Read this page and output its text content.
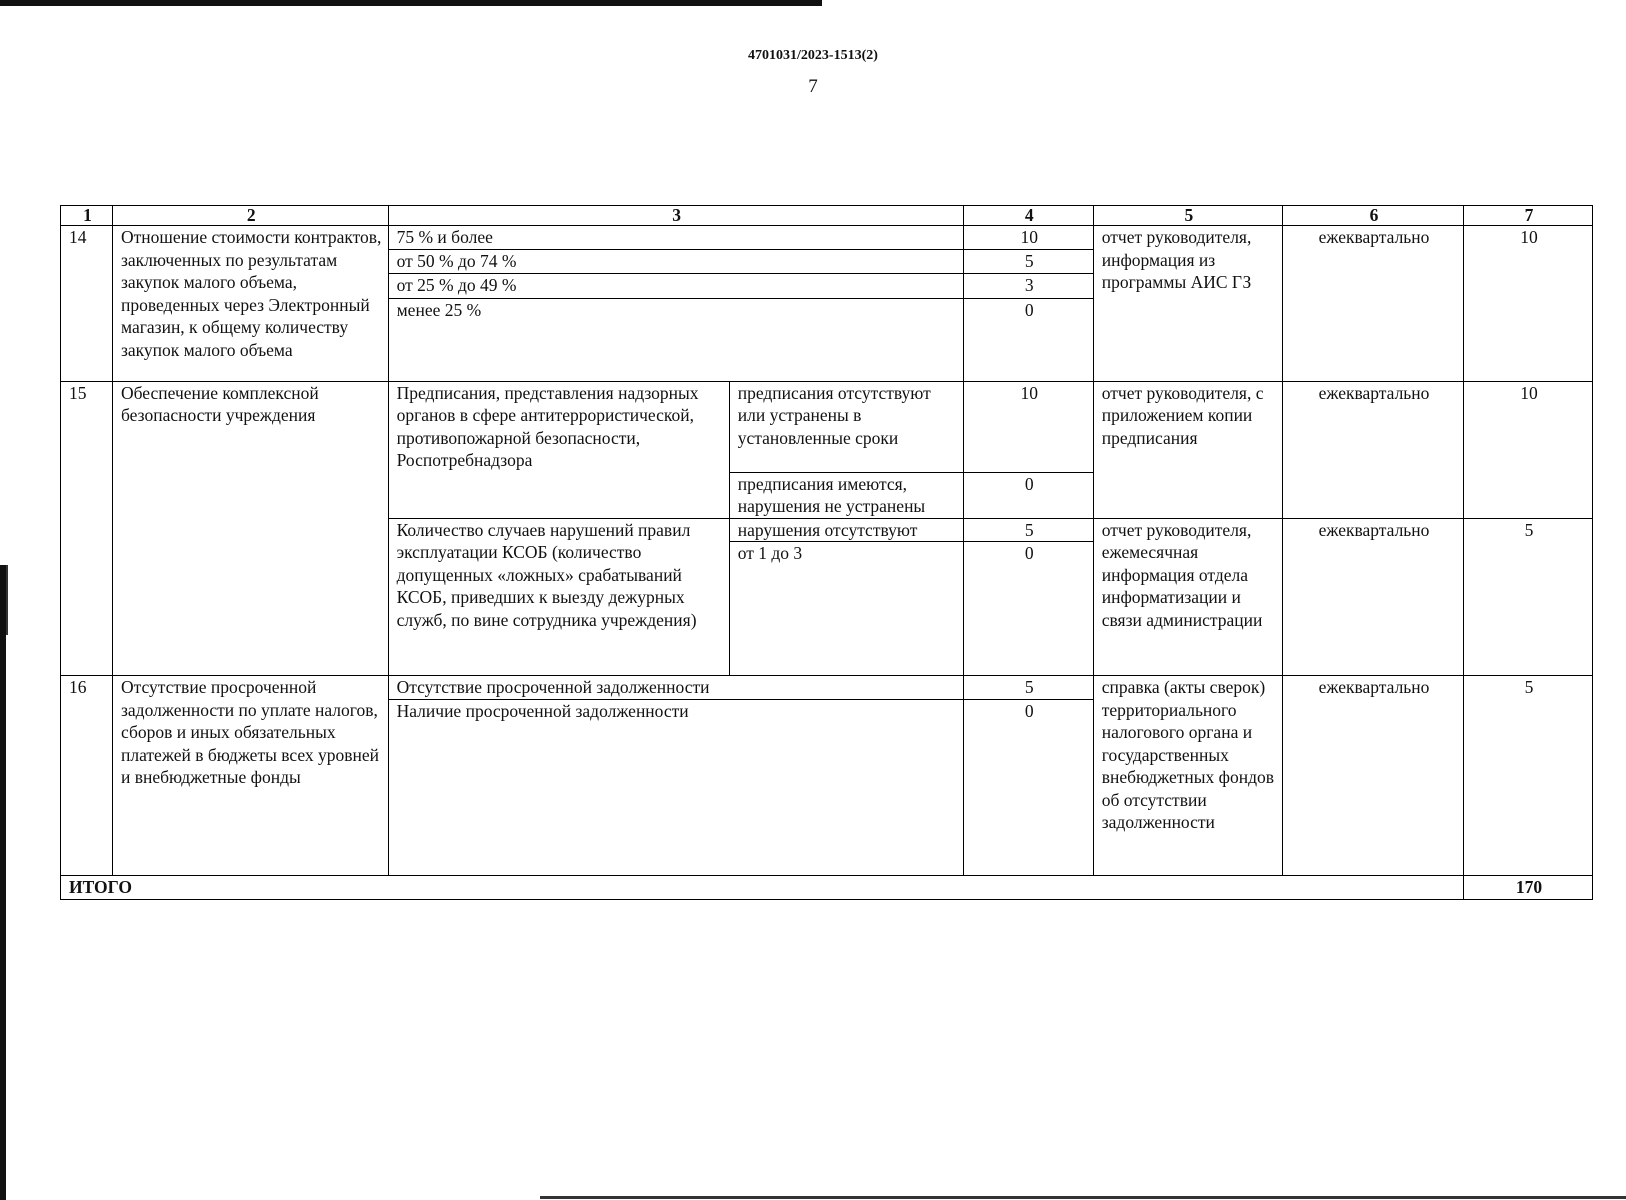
4701031/2023-1513(2)
7
1	2	3		4	5	6	7
14	Отношение стоимости контрактов, заключенных по результатам закупок малого объема, проведенных через Электронный магазин, к общему количеству закупок малого объема	75 % и более		10	отчет руководителя, информация из программы АИС ГЗ	ежеквартально	10
		от 50 % до 74 %		5			
		от 25 % до 49 %		3			
		менее 25 %		0			
15	Обеспечение комплексной безопасности учреждения	Предписания, представления надзорных органов в сфере антитеррористической, противопожарной безопасности, Роспотребнадзора	предписания отсутствуют или устранены в установленные сроки	10	отчет руководителя, с приложением копии предписания	ежеквартально	10
			предписания имеются, нарушения не устранены	0			
		Количество случаев нарушений правил эксплуатации КСОБ (количество допущенных «ложных» срабатываний КСОБ, приведших к выезду дежурных служб, по вине сотрудника учреждения)	нарушения отсутствуют	5	отчет руководителя, ежемесячная информация отдела информатизации и связи администрации	ежеквартально	5
			от 1 до 3	0			
16	Отсутствие просроченной задолженности по уплате налогов, сборов и иных обязательных платежей в бюджеты всех уровней и внебюджетные фонды	Отсутствие просроченной задолженности		5	справка (акты сверок) территориального налогового органа и государственных внебюджетных фондов об отсутствии задолженности	ежеквартально	5
		Наличие просроченной задолженности		0			
ИТОГО							170
